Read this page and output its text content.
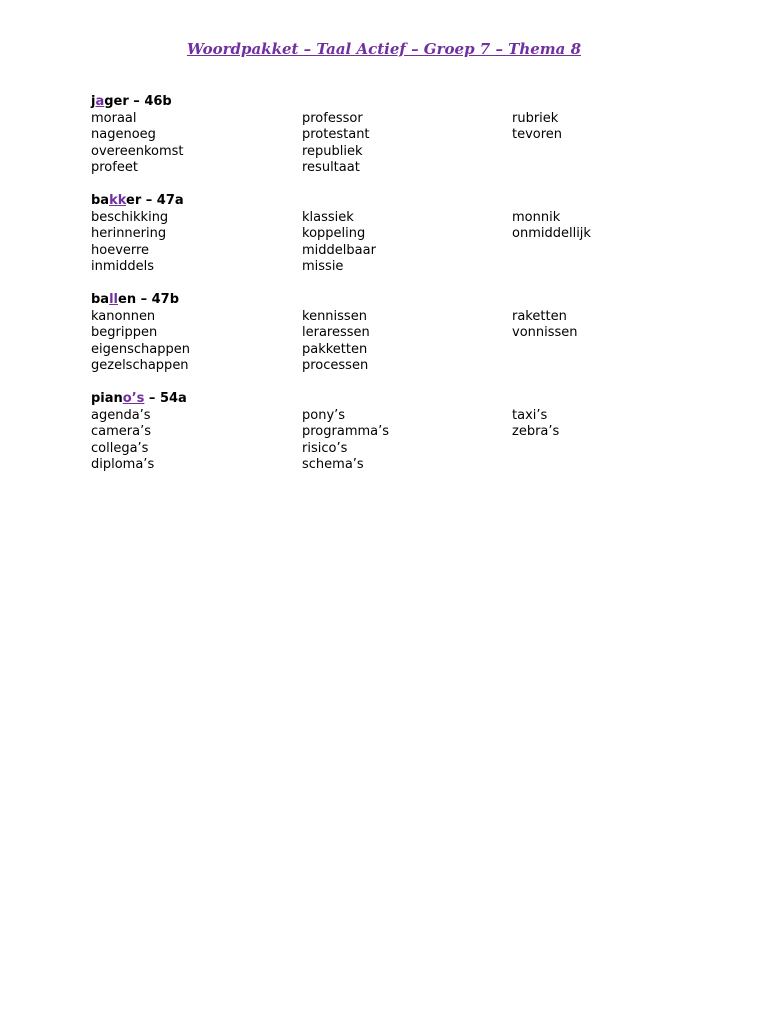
Woordpakket – Taal Actief – Groep 7 – Thema 8
jager – 46b
moraal
nagenoeg
overeenkomst
profeet
professor
protestant
republiek
resultaat
rubriek
tevoren
bakker – 47a
beschikking
herinnering
hoeverre
inmiddels
klassiek
koppeling
middelbaar
missie
monnik
onmiddellijk
ballen – 47b
kanonnen
begrippen
eigenschappen
gezelschappen
kennissen
leraressen
pakketten
processen
raketten
vonnissen
piano’s – 54a
agenda’s
camera’s
collega’s
diploma’s
pony’s
programma’s
risico’s
schema’s
taxi’s
zebra’s
